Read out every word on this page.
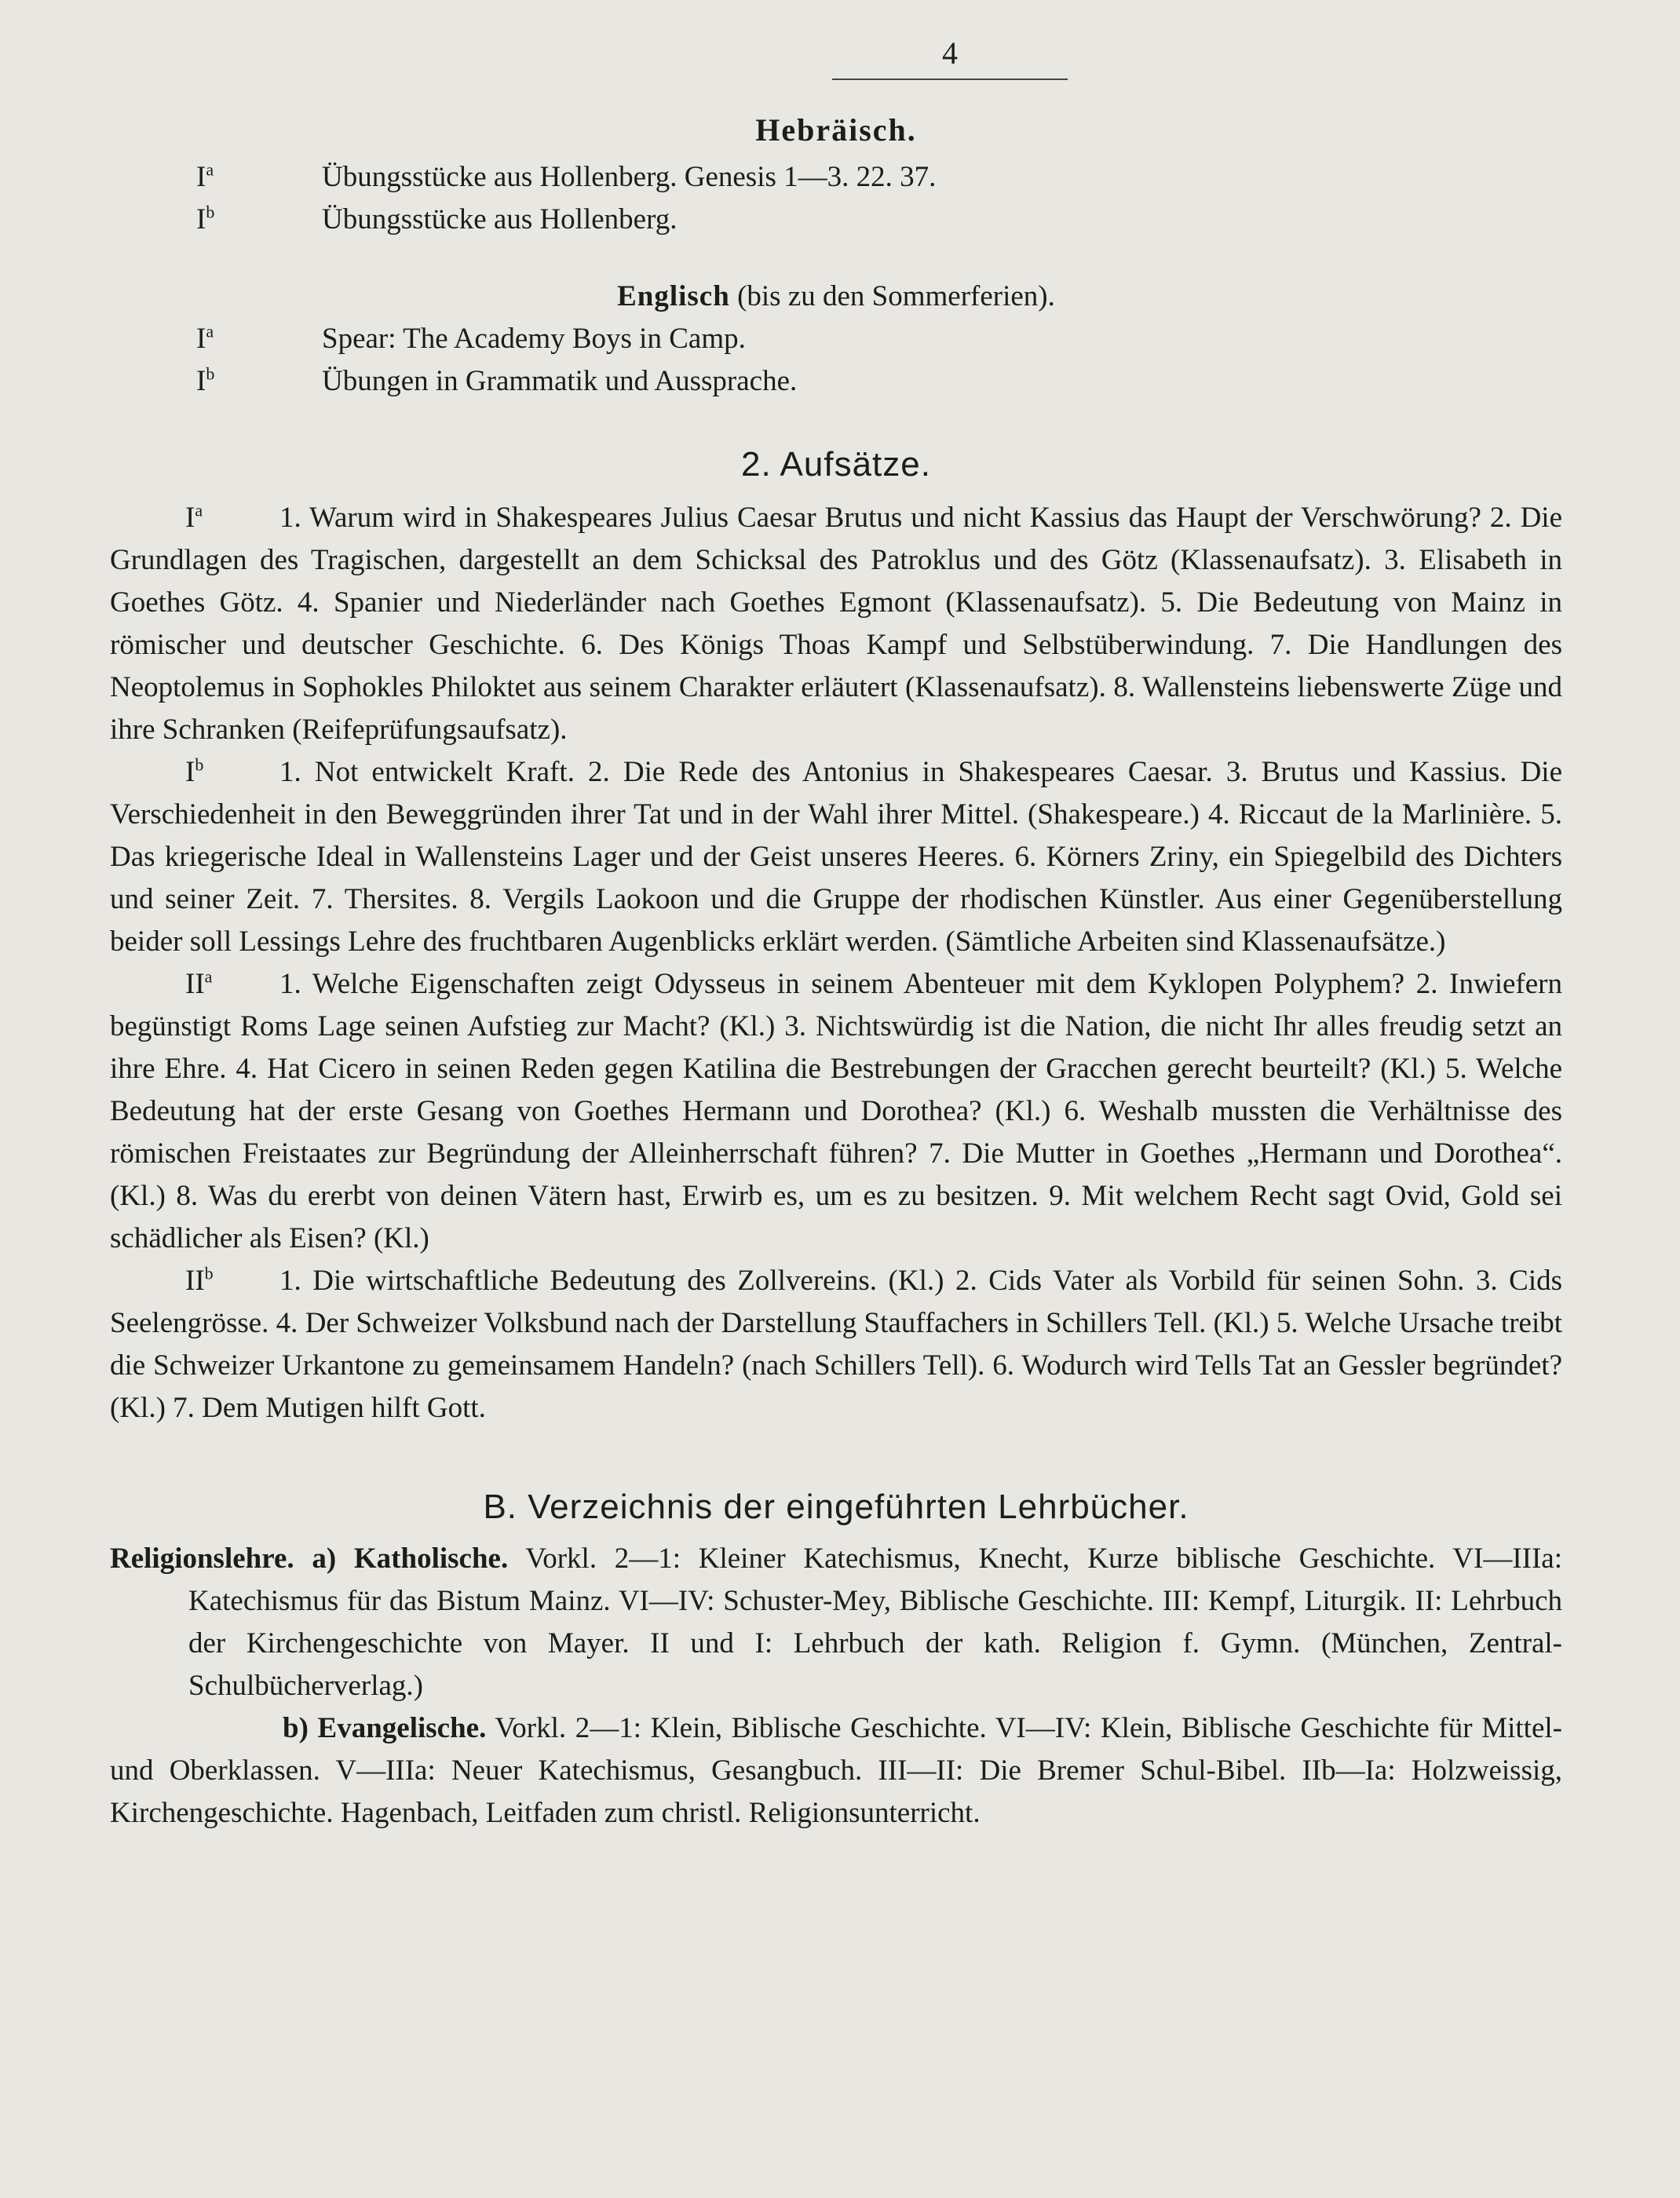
4
Hebräisch.
$I^a$	Übungsstücke aus Hollenberg. Genesis 1—3. 22. 37.
$I^b$	Übungsstücke aus Hollenberg.
Englisch (bis zu den Sommerferien).
$I^a$	Spear: The Academy Boys in Camp.
$I^b$	Übungen in Grammatik und Aussprache.
2. Aufsätze.

$I^a$	1. Warum wird in Shakespeares Julius Caesar Brutus und nicht Kassius das Haupt der Verschwörung? 2. Die Grundlagen des Tragischen, dargestellt an dem Schicksal des Patroklus und des Götz (Klassenaufsatz). 3. Elisabeth in Goethes Götz. 4. Spanier und Niederländer nach Goethes Egmont (Klassenaufsatz). 5. Die Bedeutung von Mainz in römischer und deutscher Geschichte. 6. Des Königs Thoas Kampf und Selbstüberwindung. 7. Die Handlungen des Neoptolemus in Sophokles Philoktet aus seinem Charakter erläutert (Klassenaufsatz). 8. Wallensteins liebenswerte Züge und ihre Schranken (Reifeprüfungsaufsatz).

$I^b$	1. Not entwickelt Kraft. 2. Die Rede des Antonius in Shakespeares Caesar. 3. Brutus und Kassius. Die Verschiedenheit in den Beweggründen ihrer Tat und in der Wahl ihrer Mittel. (Shakespeare.) 4. Riccaut de la Marlinière. 5. Das kriegerische Ideal in Wallensteins Lager und der Geist unseres Heeres. 6. Körners Zriny, ein Spiegelbild des Dichters und seiner Zeit. 7. Thersites. 8. Vergils Laokoon und die Gruppe der rhodischen Künstler. Aus einer Gegenüberstellung beider soll Lessings Lehre des fruchtbaren Augenblicks erklärt werden. (Sämtliche Arbeiten sind Klassenaufsätze.)

$II^a$ 1. Welche Eigenschaften zeigt Odysseus in seinem Abenteuer mit dem Kyklopen Polyphem? 2. Inwiefern begünstigt Roms Lage seinen Aufstieg zur Macht? (Kl.) 3. Nichtswürdig ist die Nation, die nicht Ihr alles freudig setzt an ihre Ehre. 4. Hat Cicero in seinen Reden gegen Katilina die Bestrebungen der Gracchen gerecht beurteilt? (Kl.) 5. Welche Bedeutung hat der erste Gesang von Goethes Hermann und Dorothea? (Kl.) 6. Weshalb mussten die Verhältnisse des römischen Freistaates zur Begründung der Alleinherrschaft führen? 7. Die Mutter in Goethes „Hermann und Dorothea“. (Kl.) 8. Was du ererbt von deinen Vätern hast, Erwirb es, um es zu besitzen. 9. Mit welchem Recht sagt Ovid, Gold sei schädlicher als Eisen? (Kl.)

$II^b$ 1. Die wirtschaftliche Bedeutung des Zollvereins. (Kl.) 2. Cids Vater als Vorbild für seinen Sohn. 3. Cids Seelengrösse. 4. Der Schweizer Volksbund nach der Darstellung Stauffachers in Schillers Tell. (Kl.) 5. Welche Ursache treibt die Schweizer Urkantone zu gemeinsamem Handeln? (nach Schillers Tell). 6. Wodurch wird Tells Tat an Gessler begründet? (Kl.) 7. Dem Mutigen hilft Gott.

B. Verzeichnis der eingeführten Lehrbücher.

Religionslehre. a) Katholische. Vorkl. 2—1: Kleiner Katechismus, Knecht, Kurze biblische Geschichte. VI—IIIa: Katechismus für das Bistum Mainz. VI—IV: Schuster-Mey, Biblische Geschichte. III: Kempf, Liturgik. II: Lehrbuch der Kirchengeschichte von Mayer. II und I: Lehrbuch der kath. Religion f. Gymn. (München, Zentral-Schulbücherverlag.)

b) Evangelische. Vorkl. 2—1: Klein, Biblische Geschichte. VI—IV: Klein, Biblische Geschichte für Mittel- und Oberklassen. V—IIIa: Neuer Katechismus, Gesangbuch. III—II: Die Bremer Schul-Bibel. IIb—Ia: Holzweissig, Kirchengeschichte. Hagenbach, Leitfaden zum christl. Religionsunterricht.
